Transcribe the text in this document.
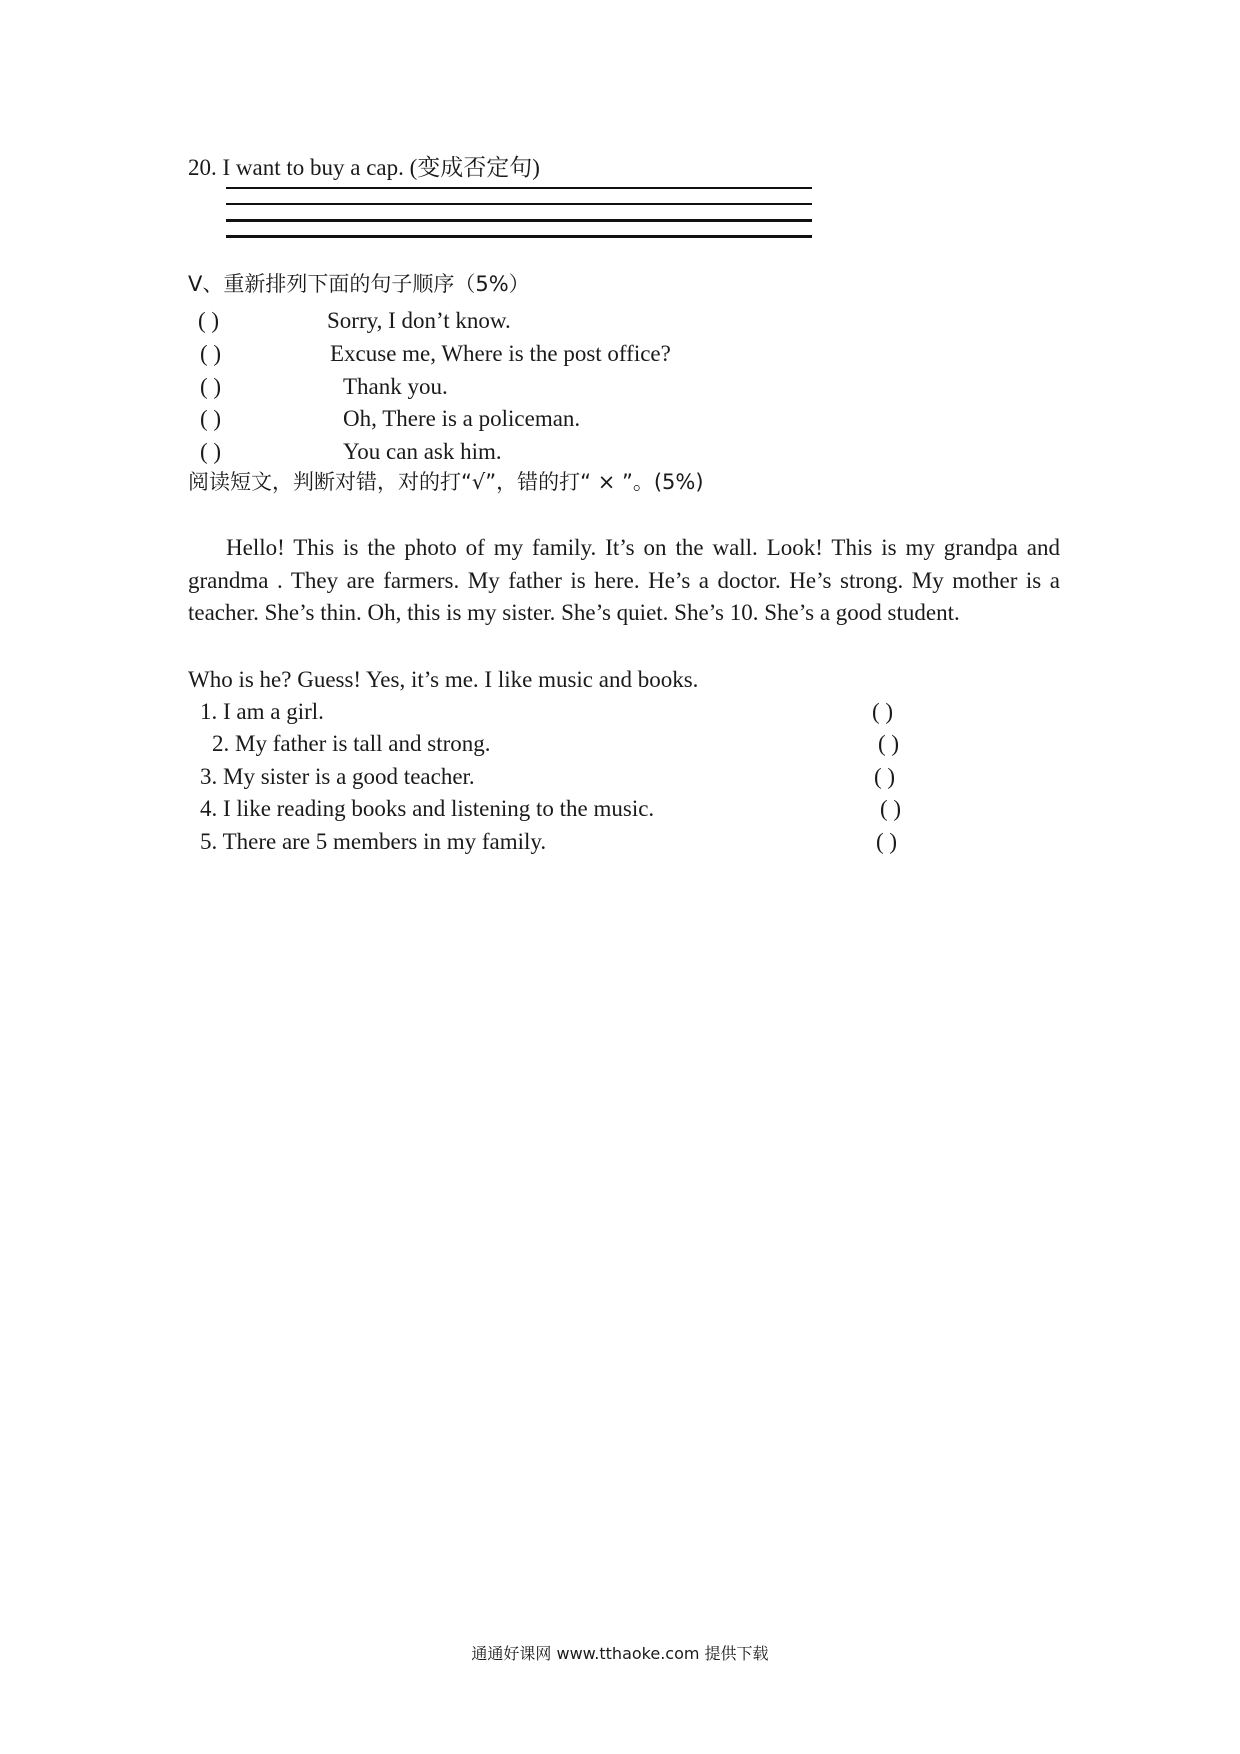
20. I want to buy a cap. (变成否定句)
Ⅴ、重新排列下面的句子顺序（5%）
( )	Sorry, I don’t know.
( )	Excuse me, Where is the post office?
( )	Thank you.
( )	Oh, There is a policeman.
( )	You can ask him.
阅读短文，判断对错，对的打“√”，错的打“ × ”。(5%)
Hello! This is the photo of my family. It’s on the wall. Look! This is my grandpa and grandma . They are farmers. My father is here. He’s a doctor. He’s strong. My mother is a teacher. She’s thin. Oh, this is my sister. She’s quiet. She’s 10. She’s a good student.
Who is he? Guess! Yes, it’s me. I like music and books.
1. I am a girl.	( )
2. My father is tall and strong.	( )
3. My sister is a good teacher.	( )
4. I like reading books and listening to the music.	( )
5. There are 5 members in my family.	( )
通通好课网 www.tthaoke.com 提供下载
